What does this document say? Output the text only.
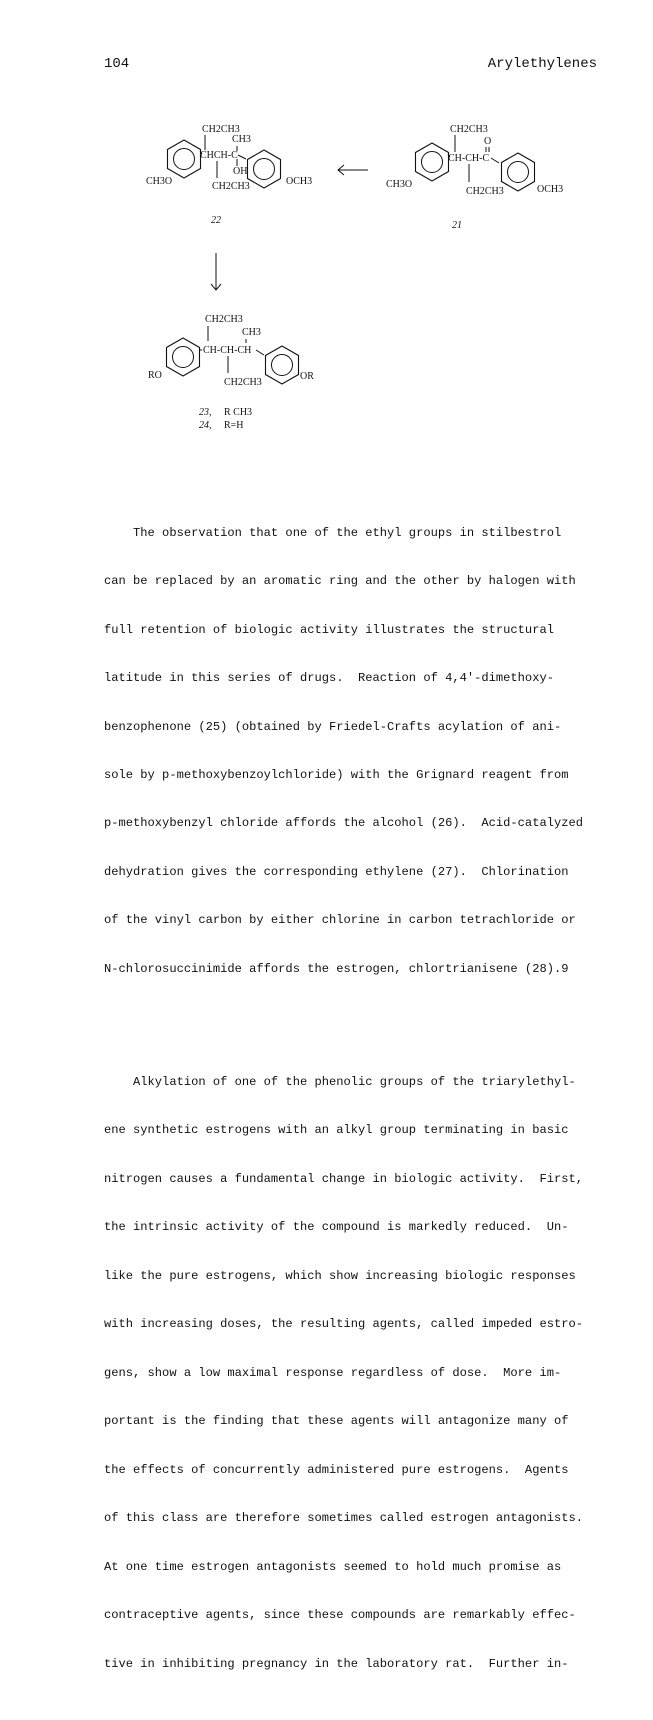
104	Arylethylenes
CH2CH3
CH3
CHCH-C
OH
CH2CH3
CH3O	OCH3
22
CH2CH3
O
CH-CH-C
CH2CH3
CH3O	OCH3
21
CH2CH3
CH3
CH-CH-CH
CH2CH3
RO	OR
23, R CH3
24, R=H

The observation that one of the ethyl groups in stilbestrol

can be replaced by an aromatic ring and the other by halogen with

full retention of biologic activity illustrates the structural

latitude in this series of drugs.  Reaction of 4,4'-dimethoxy-

benzophenone (25) (obtained by Friedel-Crafts acylation of ani-

sole by p-methoxybenzoylchloride) with the Grignard reagent from

p-methoxybenzyl chloride affords the alcohol (26).  Acid-catalyzed

dehydration gives the corresponding ethylene (27).  Chlorination

of the vinyl carbon by either chlorine in carbon tetrachloride or

N-chlorosuccinimide affords the estrogen, chlortrianisene (28).9

Alkylation of one of the phenolic groups of the triarylethyl-

ene synthetic estrogens with an alkyl group terminating in basic

nitrogen causes a fundamental change in biologic activity.  First,

the intrinsic activity of the compound is markedly reduced.  Un-

like the pure estrogens, which show increasing biologic responses

with increasing doses, the resulting agents, called impeded estro-

gens, show a low maximal response regardless of dose.  More im-

portant is the finding that these agents will antagonize many of

the effects of concurrently administered pure estrogens.  Agents

of this class are therefore sometimes called estrogen antagonists.

At one time estrogen antagonists seemed to hold much promise as

contraceptive agents, since these compounds are remarkably effec-

tive in inhibiting pregnancy in the laboratory rat.  Further in-
